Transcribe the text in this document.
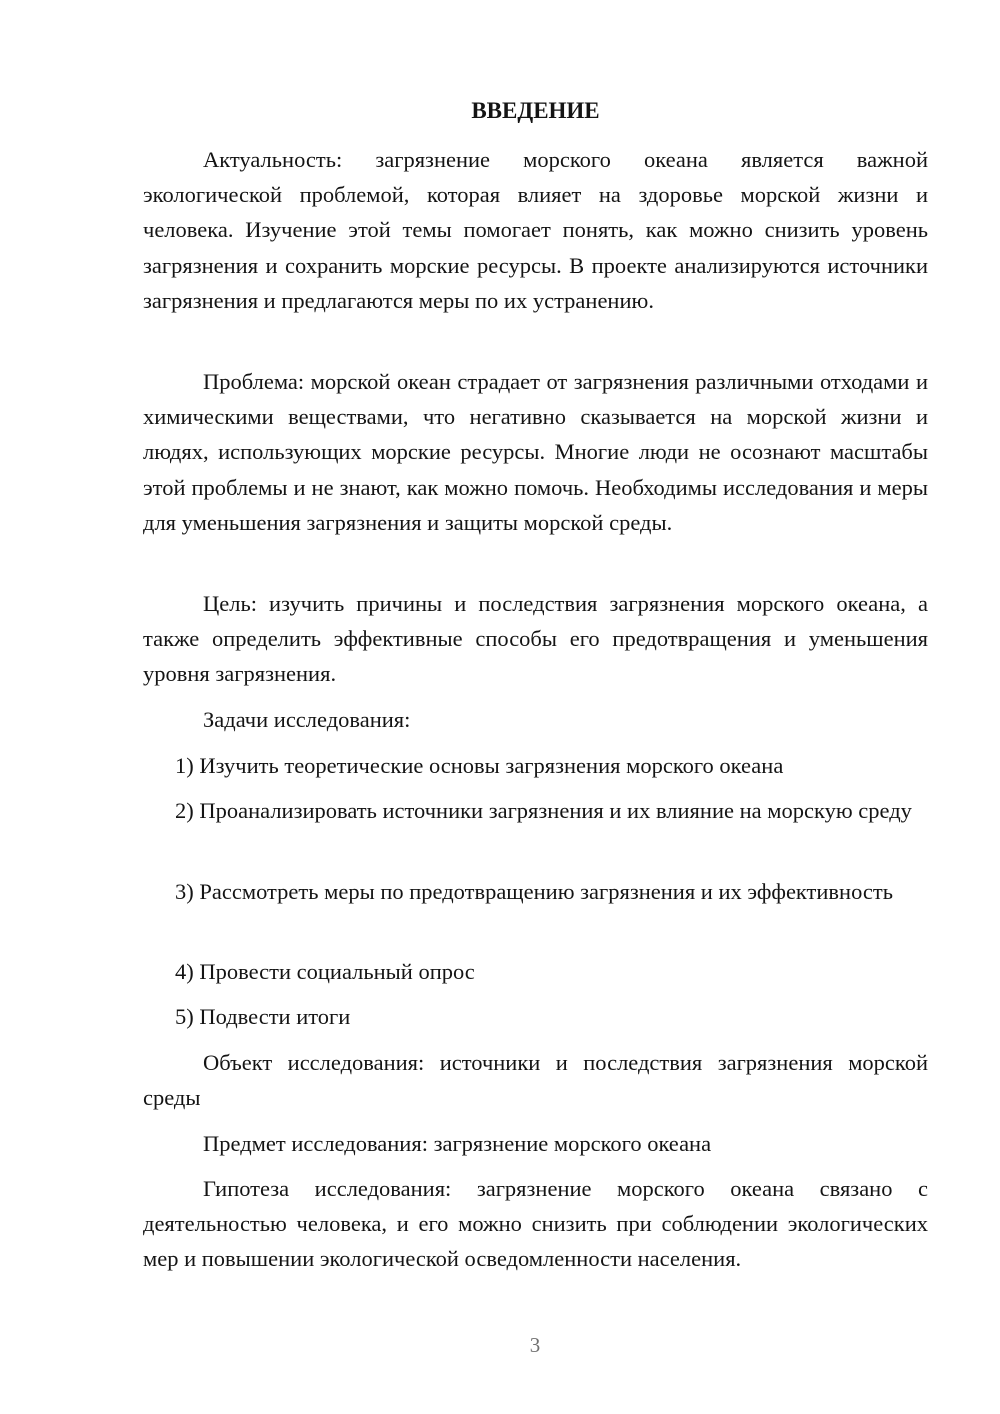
ВВЕДЕНИЕ

Актуальность: загрязнение морского океана является важной экологической проблемой, которая влияет на здоровье морской жизни и человека. Изучение этой темы помогает понять, как можно снизить уровень загрязнения и сохранить морские ресурсы. В проекте анализируются источники загрязнения и предлагаются меры по их устранению.

Проблема: морской океан страдает от загрязнения различными отходами и химическими веществами, что негативно сказывается на морской жизни и людях, использующих морские ресурсы. Многие люди не осознают масштабы этой проблемы и не знают, как можно помочь. Необходимы исследования и меры для уменьшения загрязнения и защиты морской среды.

Цель: изучить причины и последствия загрязнения морского океана, а также определить эффективные способы его предотвращения и уменьшения уровня загрязнения.

Задачи исследования:

1) Изучить теоретические основы загрязнения морского океана

2) Проанализировать источники загрязнения и их влияние на морскую среду

3) Рассмотреть меры по предотвращению загрязнения и их эффективность

4) Провести социальный опрос

5) Подвести итоги

Объект исследования: источники и последствия загрязнения морской среды

Предмет исследования: загрязнение морского океана

Гипотеза исследования: загрязнение морского океана связано с деятельностью человека, и его можно снизить при соблюдении экологических мер и повышении экологической осведомленности населения.

3
